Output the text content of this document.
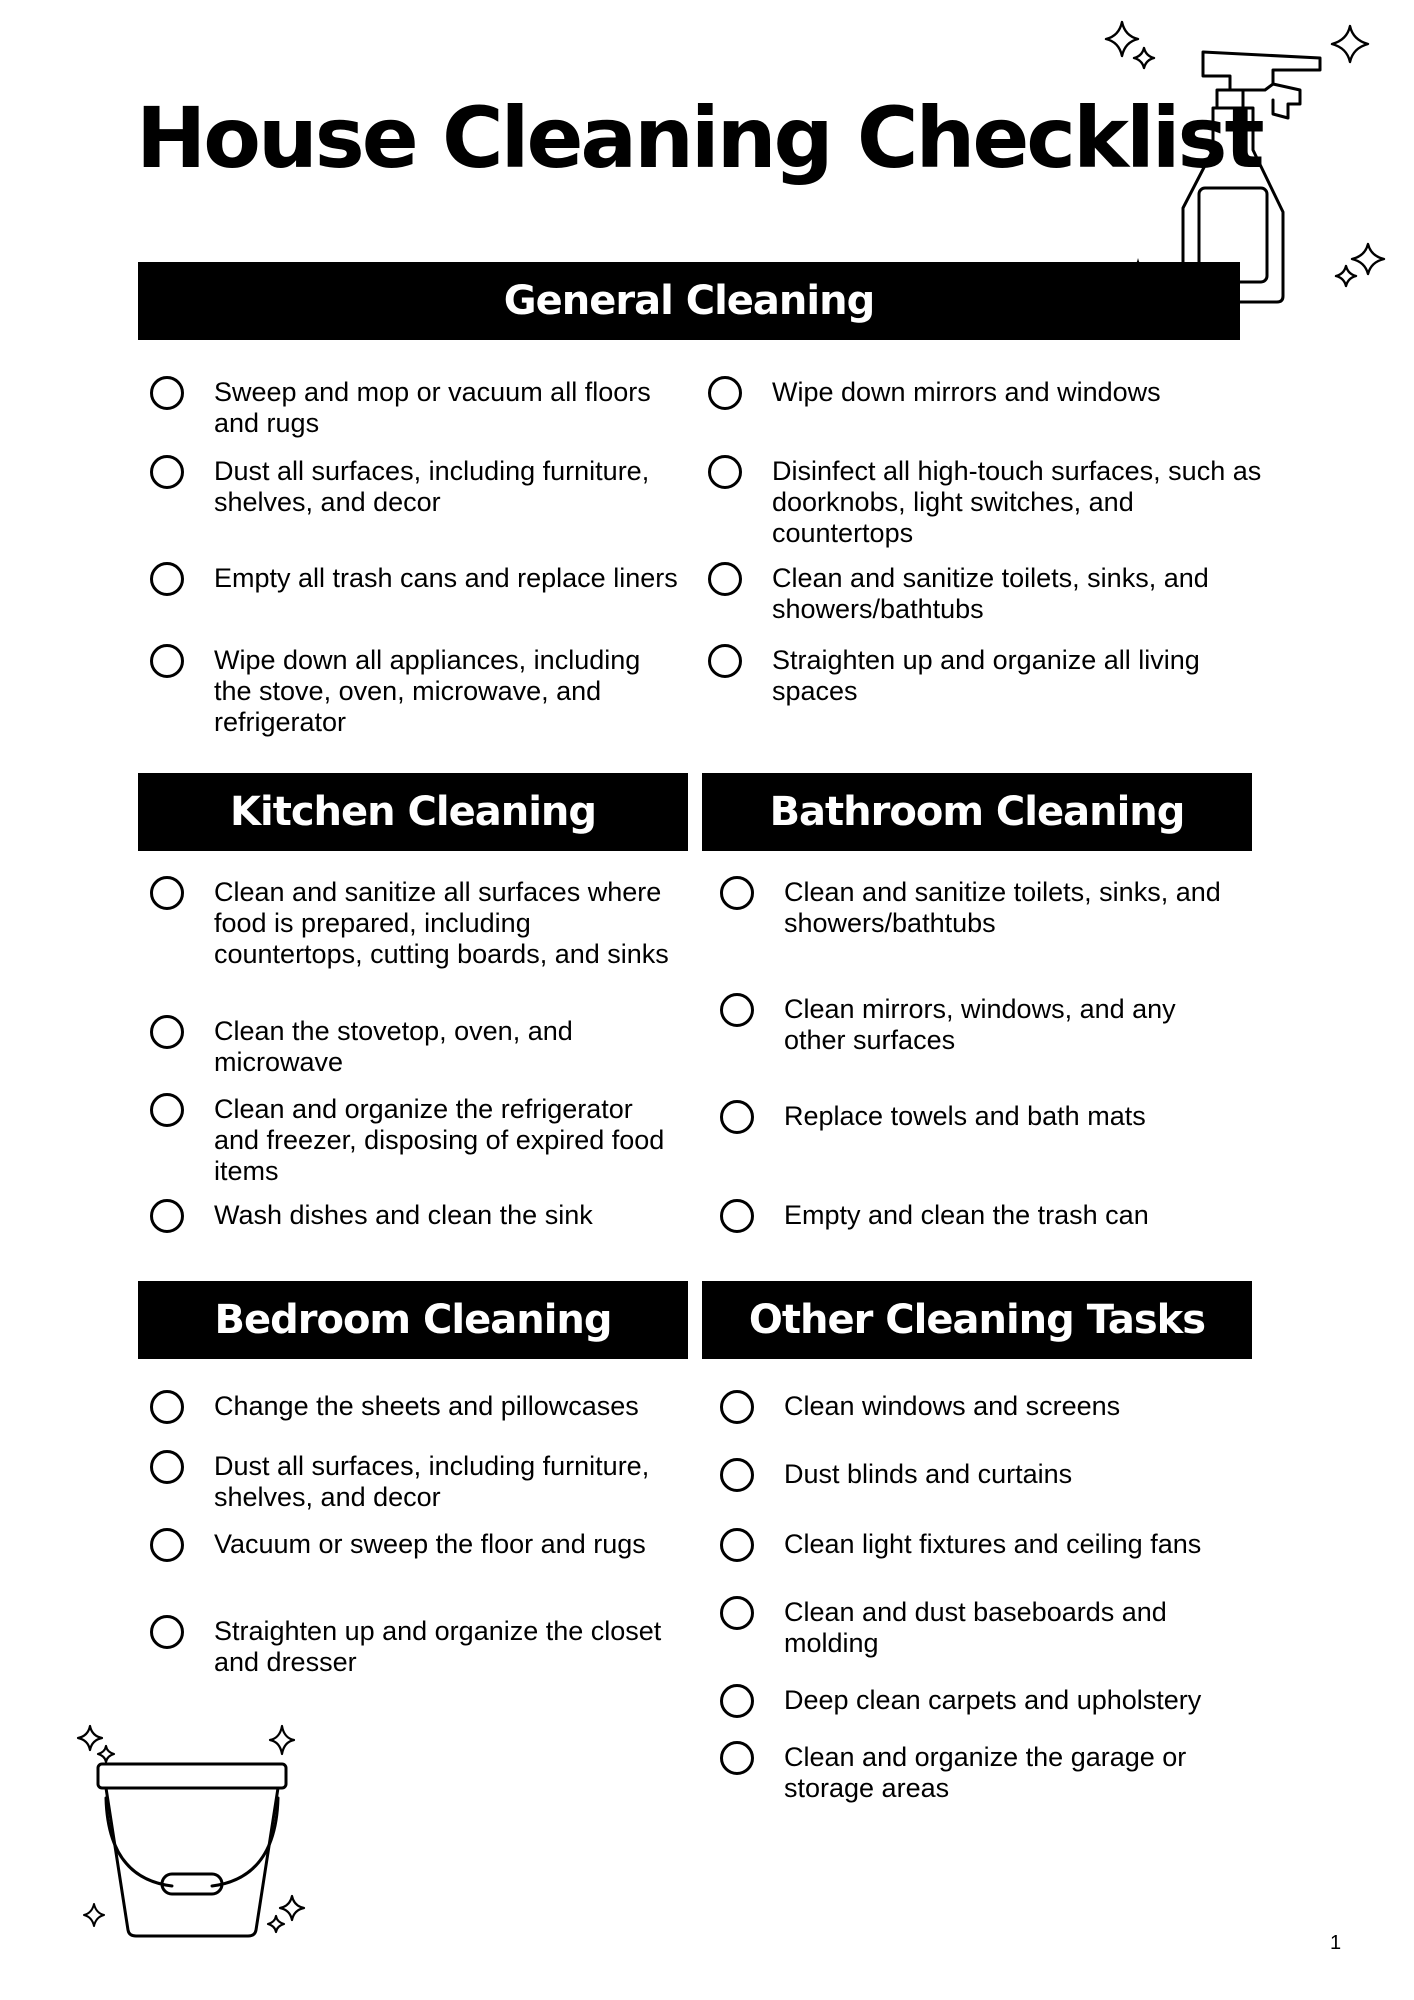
House Cleaning Checklist
General Cleaning
Sweep and mop or vacuum all floors and rugs
Dust all surfaces, including furniture, shelves, and decor
Empty all trash cans and replace liners
Wipe down all appliances, including the stove, oven, microwave, and refrigerator
Wipe down mirrors and windows
Disinfect all high-touch surfaces, such as doorknobs, light switches, and countertops
Clean and sanitize toilets, sinks, and showers/bathtubs
Straighten up and organize all living spaces
Kitchen Cleaning
Clean and sanitize all surfaces where food is prepared, including countertops, cutting boards, and sinks
Clean the stovetop, oven, and microwave
Clean and organize the refrigerator and freezer, disposing of expired food items
Wash dishes and clean the sink
Bathroom Cleaning
Clean and sanitize toilets, sinks, and showers/bathtubs
Clean mirrors, windows, and any other surfaces
Replace towels and bath mats
Empty and clean the trash can
Bedroom Cleaning
Change the sheets and pillowcases
Dust all surfaces, including furniture, shelves, and decor
Vacuum or sweep the floor and rugs
Straighten up and organize the closet and dresser
Other Cleaning Tasks
Clean windows and screens
Dust blinds and curtains
Clean light fixtures and ceiling fans
Clean and dust baseboards and molding
Deep clean carpets and upholstery
Clean and organize the garage or storage areas
1
